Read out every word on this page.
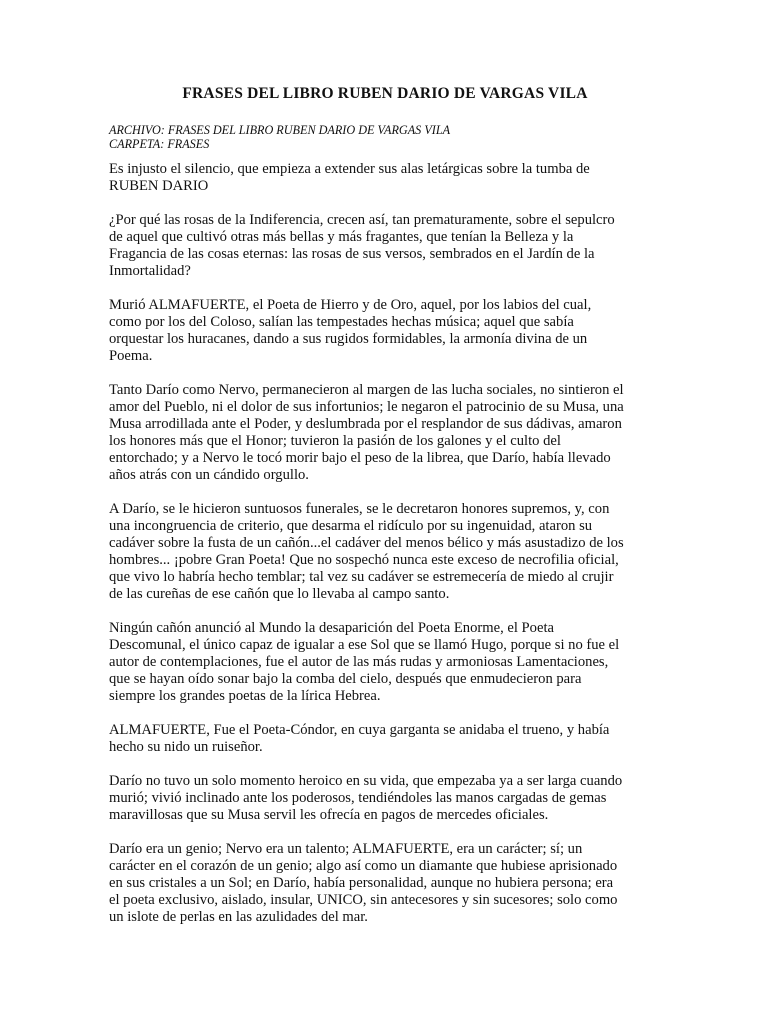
FRASES DEL LIBRO RUBEN DARIO DE VARGAS VILA
ARCHIVO: FRASES DEL LIBRO RUBEN DARIO DE VARGAS VILA
CARPETA: FRASES

Es injusto el silencio, que empieza a extender sus alas letárgicas sobre la tumba de
RUBEN DARIO

¿Por qué las rosas de la Indiferencia, crecen así, tan prematuramente, sobre el sepulcro
de aquel que cultivó otras más bellas y más fragantes, que tenían la Belleza y la
Fragancia de las cosas eternas: las rosas de sus versos, sembrados en el Jardín de la
Inmortalidad?

Murió ALMAFUERTE, el Poeta de Hierro y de Oro, aquel, por los labios del cual,
como por los del Coloso, salían las tempestades hechas música; aquel que sabía
orquestar los huracanes, dando a sus rugidos formidables, la armonía divina de un
Poema.

Tanto Darío como Nervo, permanecieron al margen de las lucha sociales, no sintieron el
amor del Pueblo, ni el dolor de sus infortunios; le negaron el patrocinio de su Musa, una
Musa arrodillada ante el Poder, y deslumbrada por el resplandor de sus dádivas, amaron
los honores más que el Honor; tuvieron la pasión de los galones y el culto del
entorchado; y a Nervo le tocó morir bajo el peso de la librea, que Darío, había llevado
años atrás con un cándido orgullo.

A Darío, se le hicieron suntuosos funerales, se le decretaron honores supremos, y, con
una incongruencia de criterio, que desarma el ridículo por su ingenuidad, ataron su
cadáver sobre la fusta de un cañón...el cadáver del menos bélico y más asustadizo de los
hombres... ¡pobre Gran Poeta! Que no sospechó nunca este exceso de necrofilia oficial,
que vivo lo habría hecho temblar; tal vez su cadáver se estremecería de miedo al crujir
de las cureñas de ese cañón que lo llevaba al campo santo.

Ningún cañón anunció al Mundo la desaparición del Poeta Enorme, el Poeta
Descomunal, el único capaz de igualar a ese Sol que se llamó Hugo, porque si no fue el
autor de contemplaciones, fue el autor de las más rudas y armoniosas Lamentaciones,
que se hayan oído sonar bajo la comba del cielo, después que enmudecieron para
siempre los grandes poetas de la lírica Hebrea.

ALMAFUERTE, Fue el Poeta-Cóndor, en cuya garganta se anidaba el trueno, y había
hecho su nido un ruiseñor.

Darío no tuvo un solo momento heroico en su vida, que empezaba ya a ser larga cuando
murió; vivió inclinado ante los poderosos, tendiéndoles las manos cargadas de gemas
maravillosas que su Musa servil les ofrecía en pagos de mercedes oficiales.

Darío era un genio; Nervo era un talento; ALMAFUERTE, era un carácter; sí; un
carácter en el corazón de un genio; algo así como un diamante que hubiese aprisionado
en sus cristales a un Sol; en Darío, había personalidad, aunque no hubiera persona; era
el poeta exclusivo, aislado, insular, UNICO, sin antecesores y sin sucesores; solo como
un islote de perlas en las azulidades del mar.
